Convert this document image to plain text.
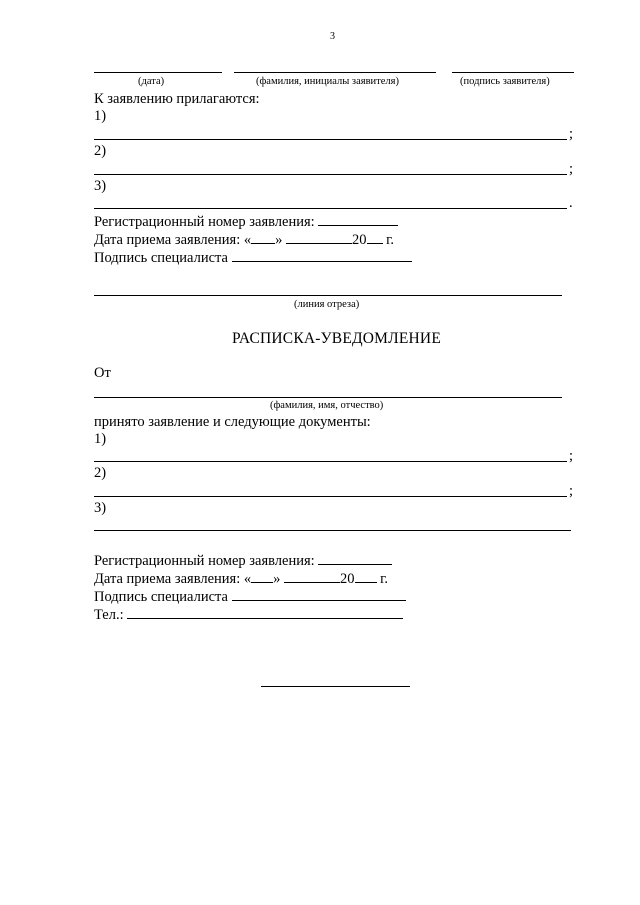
3
(дата)	(фамилия, инициалы заявителя)	(подпись заявителя)
К заявлению прилагаются:
1)
;
2)
;
3)
.
Регистрационный номер заявления:
Дата приема заявления: « »	20 г.
Подпись специалиста
(линия отреза)
РАСПИСКА-УВЕДОМЛЕНИЕ
От
(фамилия, имя, отчество)
принято заявление и следующие документы:
1)
;
2)
;
3)
Регистрационный номер заявления:
Дата приема заявления: « »	20 г.
Подпись специалиста
Тел.:
